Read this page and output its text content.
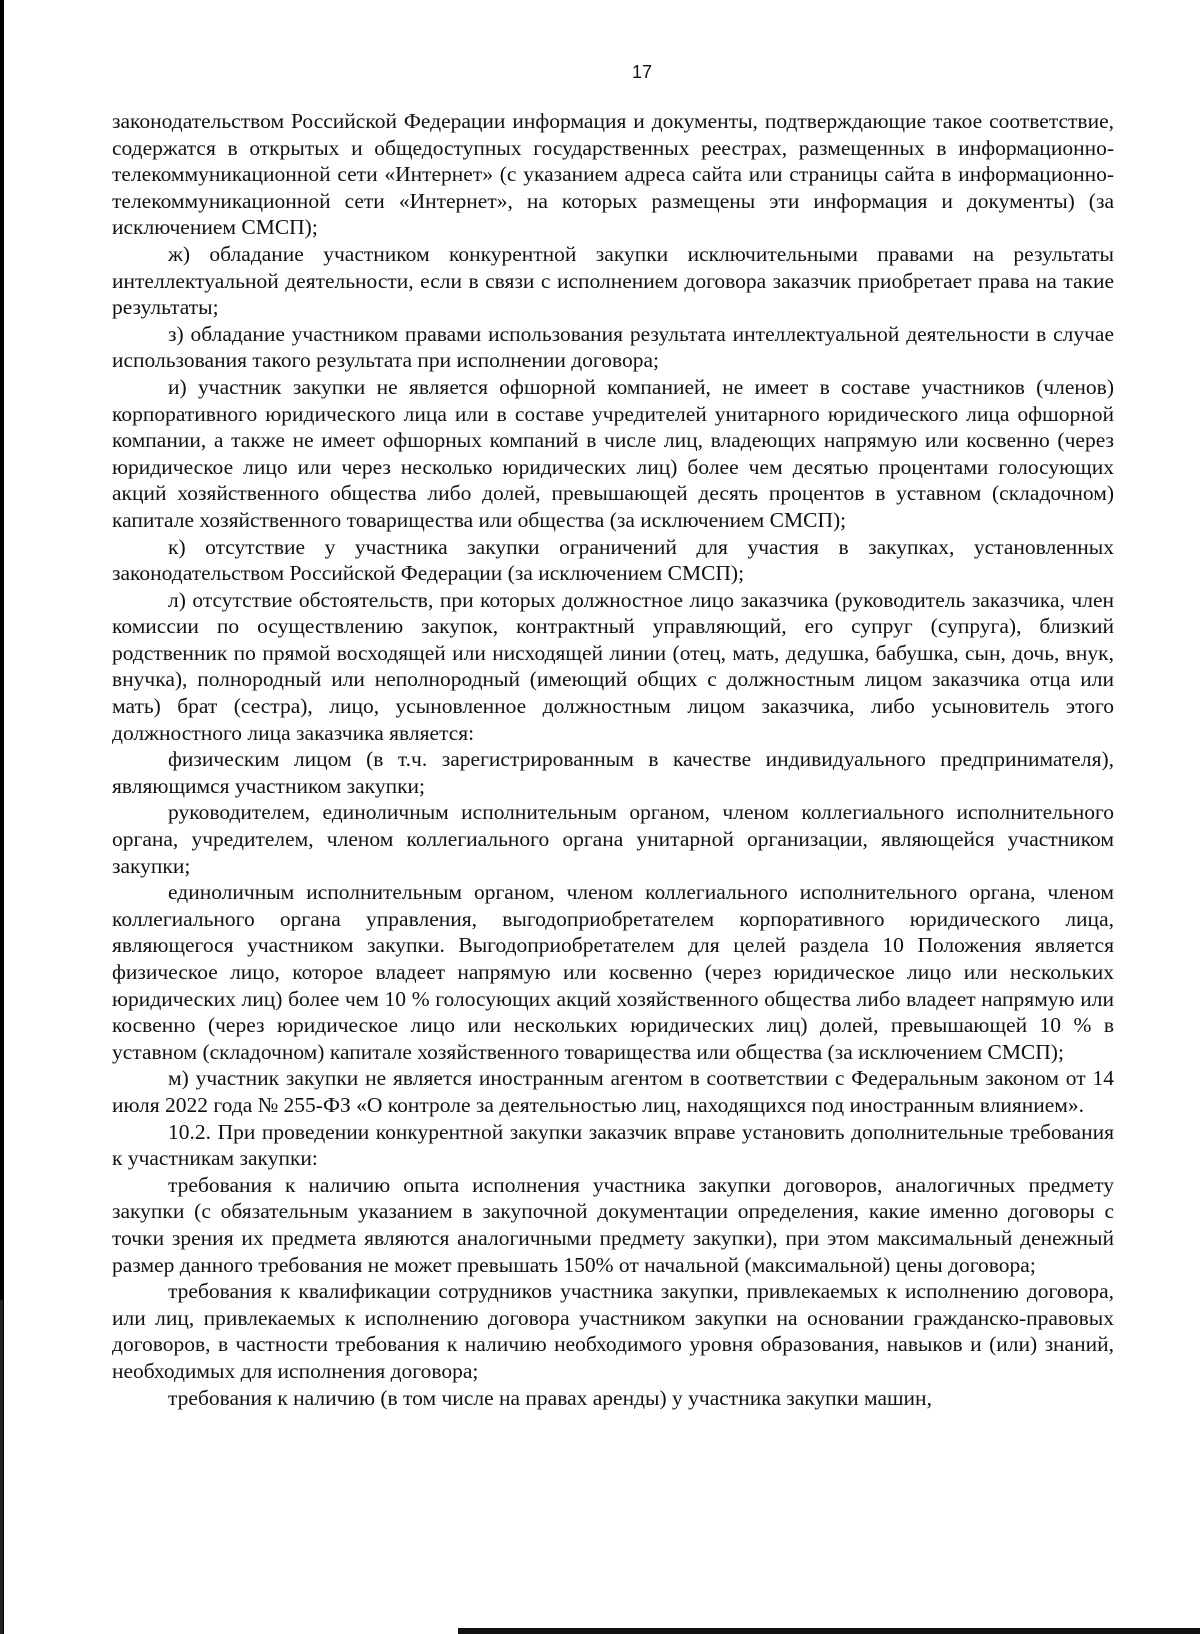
17

законодательством Российской Федерации информация и документы, подтверждающие такое соответствие, содержатся в открытых и общедоступных государственных реестрах, размещенных в информационно-телекоммуникационной сети «Интернет» (с указанием адреса сайта или страницы сайта в информационно-телекоммуникационной сети «Интернет», на которых размещены эти информация и документы) (за исключением СМСП);

ж) обладание участником конкурентной закупки исключительными правами на результаты интеллектуальной деятельности, если в связи с исполнением договора заказчик приобретает права на такие результаты;

з) обладание участником правами использования результата интеллектуальной деятельности в случае использования такого результата при исполнении договора;

и) участник закупки не является офшорной компанией, не имеет в составе участников (членов) корпоративного юридического лица или в составе учредителей унитарного юридического лица офшорной компании, а также не имеет офшорных компаний в числе лиц, владеющих напрямую или косвенно (через юридическое лицо или через несколько юридических лиц) более чем десятью процентами голосующих акций хозяйственного общества либо долей, превышающей десять процентов в уставном (складочном) капитале хозяйственного товарищества или общества (за исключением СМСП);

к) отсутствие у участника закупки ограничений для участия в закупках, установленных законодательством Российской Федерации (за исключением СМСП);

л) отсутствие обстоятельств, при которых должностное лицо заказчика (руководитель заказчика, член комиссии по осуществлению закупок, контрактный управляющий, его супруг (супруга), близкий родственник по прямой восходящей или нисходящей линии (отец, мать, дедушка, бабушка, сын, дочь, внук, внучка), полнородный или неполнородный (имеющий общих с должностным лицом заказчика отца или мать) брат (сестра), лицо, усыновленное должностным лицом заказчика, либо усыновитель этого должностного лица заказчика является:

физическим лицом (в т.ч. зарегистрированным в качестве индивидуального предпринимателя), являющимся участником закупки;

руководителем, единоличным исполнительным органом, членом коллегиального исполнительного органа, учредителем, членом коллегиального органа унитарной организации, являющейся участником закупки;

единоличным исполнительным органом, членом коллегиального исполнительного органа, членом коллегиального органа управления, выгодоприобретателем корпоративного юридического лица, являющегося участником закупки. Выгодоприобретателем для целей раздела 10 Положения является физическое лицо, которое владеет напрямую или косвенно (через юридическое лицо или нескольких юридических лиц) более чем 10 % голосующих акций хозяйственного общества либо владеет напрямую или косвенно (через юридическое лицо или нескольких юридических лиц) долей, превышающей 10 % в уставном (складочном) капитале хозяйственного товарищества или общества (за исключением СМСП);

м) участник закупки не является иностранным агентом в соответствии с Федеральным законом от 14 июля 2022 года № 255-ФЗ «О контроле за деятельностью лиц, находящихся под иностранным влиянием».

10.2. При проведении конкурентной закупки заказчик вправе установить дополнительные требования к участникам закупки:

требования к наличию опыта исполнения участника закупки договоров, аналогичных предмету закупки (с обязательным указанием в закупочной документации определения, какие именно договоры с точки зрения их предмета являются аналогичными предмету закупки), при этом максимальный денежный размер данного требования не может превышать 150% от начальной (максимальной) цены договора;

требования к квалификации сотрудников участника закупки, привлекаемых к исполнению договора, или лиц, привлекаемых к исполнению договора участником закупки на основании гражданско-правовых договоров, в частности требования к наличию необходимого уровня образования, навыков и (или) знаний, необходимых для исполнения договора;

требования к наличию (в том числе на правах аренды) у участника закупки машин,
